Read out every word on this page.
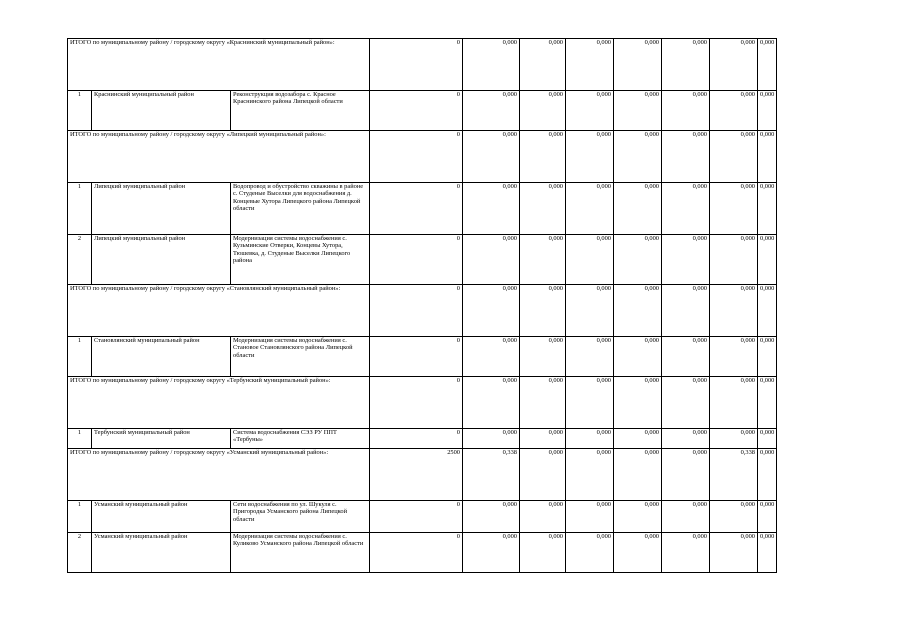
ИТОГО по муниципальному району / городскому округу «Краснинский муниципальный район»:			0	0,000	0,000	0,000	0,000	0,000	0,000	0,000
1	Краснинский муниципальный район	Реконструкция водозабора с. Красное Краснинского района Липецкой области	0	0,000	0,000	0,000	0,000	0,000	0,000	0,000
ИТОГО по муниципальному району / городскому округу «Липецкий муниципальный район»:			0	0,000	0,000	0,000	0,000	0,000	0,000	0,000
1	Липецкий муниципальный район	Водопровод и обустройство скважины в районе с. Студеные Выселки для водоснабжения д. Концевые Хутора Липецкого района Липецкой области	0	0,000	0,000	0,000	0,000	0,000	0,000	0,000
2	Липецкий муниципальный район	Модернизация системы водоснабжения с. Кузьминские Отверки, Концевы Хутора, Тюшевка, д. Студеные Выселки Липецкого района	0	0,000	0,000	0,000	0,000	0,000	0,000	0,000
ИТОГО по муниципальному району / городскому округу «Становлянский муниципальный район»:			0	0,000	0,000	0,000	0,000	0,000	0,000	0,000
1	Становлянский муниципальный район	Модернизация системы водоснабжения с. Становое Становлянского района Липецкой области	0	0,000	0,000	0,000	0,000	0,000	0,000	0,000
ИТОГО по муниципальному району / городскому округу «Тербунский муниципальный район»:			0	0,000	0,000	0,000	0,000	0,000	0,000	0,000
1	Тербунский муниципальный район	Система водоснабжения СЭЗ РУ ППТ «Тербуны»	0	0,000	0,000	0,000	0,000	0,000	0,000	0,000
ИТОГО по муниципальному району / городскому округу «Усманский муниципальный район»:			2500	0,338	0,000	0,000	0,000	0,000	0,338	0,000
1	Усманский муниципальный район	Сети водоснабжения по ул. Шукуля с. Пригородка Усманского района Липецкой области	0	0,000	0,000	0,000	0,000	0,000	0,000	0,000
2	Усманский муниципальный район	Модернизация системы водоснабжения с. Куликово Усманского района Липецкой области	0	0,000	0,000	0,000	0,000	0,000	0,000	0,000
